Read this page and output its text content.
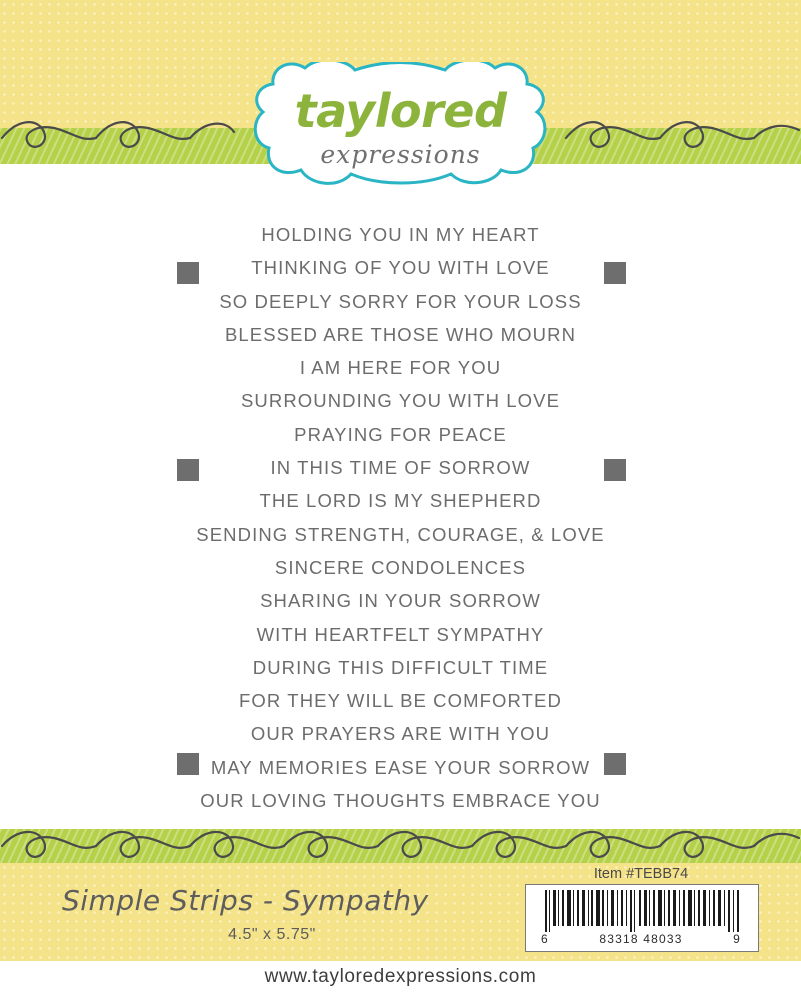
taylored
expressions
HOLDING YOU IN MY HEART
THINKING OF YOU WITH LOVE
SO DEEPLY SORRY FOR YOUR LOSS
BLESSED ARE THOSE WHO MOURN
I AM HERE FOR YOU
SURROUNDING YOU WITH LOVE
PRAYING FOR PEACE
IN THIS TIME OF SORROW
THE LORD IS MY SHEPHERD
SENDING STRENGTH, COURAGE, & LOVE
SINCERE CONDOLENCES
SHARING IN YOUR SORROW
WITH HEARTFELT SYMPATHY
DURING THIS DIFFICULT TIME
FOR THEY WILL BE COMFORTED
OUR PRAYERS ARE WITH YOU
MAY MEMORIES EASE YOUR SORROW
OUR LOVING THOUGHTS EMBRACE YOU
Simple Strips - Sympathy
4.5" x 5.75"
Item #TEBB74
6	83318 48033	9
www.tayloredexpressions.com
